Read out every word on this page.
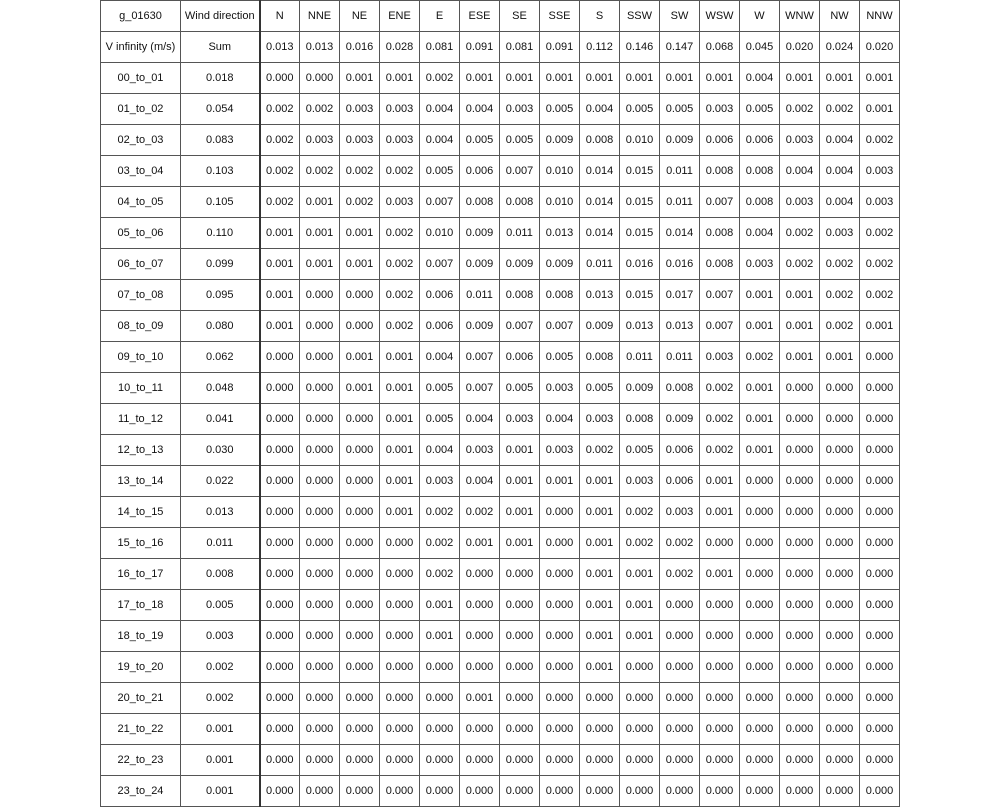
g_01630	Wind direction	N	NNE	NE	ENE	E	ESE	SE	SSE	S	SSW	SW	WSW	W	WNW	NW	NNW
V infinity (m/s)	Sum	0.013	0.013	0.016	0.028	0.081	0.091	0.081	0.091	0.112	0.146	0.147	0.068	0.045	0.020	0.024	0.020
00_to_01	0.018	0.000	0.000	0.001	0.001	0.002	0.001	0.001	0.001	0.001	0.001	0.001	0.001	0.004	0.001	0.001	0.001
01_to_02	0.054	0.002	0.002	0.003	0.003	0.004	0.004	0.003	0.005	0.004	0.005	0.005	0.003	0.005	0.002	0.002	0.001
02_to_03	0.083	0.002	0.003	0.003	0.003	0.004	0.005	0.005	0.009	0.008	0.010	0.009	0.006	0.006	0.003	0.004	0.002
03_to_04	0.103	0.002	0.002	0.002	0.002	0.005	0.006	0.007	0.010	0.014	0.015	0.011	0.008	0.008	0.004	0.004	0.003
04_to_05	0.105	0.002	0.001	0.002	0.003	0.007	0.008	0.008	0.010	0.014	0.015	0.011	0.007	0.008	0.003	0.004	0.003
05_to_06	0.110	0.001	0.001	0.001	0.002	0.010	0.009	0.011	0.013	0.014	0.015	0.014	0.008	0.004	0.002	0.003	0.002
06_to_07	0.099	0.001	0.001	0.001	0.002	0.007	0.009	0.009	0.009	0.011	0.016	0.016	0.008	0.003	0.002	0.002	0.002
07_to_08	0.095	0.001	0.000	0.000	0.002	0.006	0.011	0.008	0.008	0.013	0.015	0.017	0.007	0.001	0.001	0.002	0.002
08_to_09	0.080	0.001	0.000	0.000	0.002	0.006	0.009	0.007	0.007	0.009	0.013	0.013	0.007	0.001	0.001	0.002	0.001
09_to_10	0.062	0.000	0.000	0.001	0.001	0.004	0.007	0.006	0.005	0.008	0.011	0.011	0.003	0.002	0.001	0.001	0.000
10_to_11	0.048	0.000	0.000	0.001	0.001	0.005	0.007	0.005	0.003	0.005	0.009	0.008	0.002	0.001	0.000	0.000	0.000
11_to_12	0.041	0.000	0.000	0.000	0.001	0.005	0.004	0.003	0.004	0.003	0.008	0.009	0.002	0.001	0.000	0.000	0.000
12_to_13	0.030	0.000	0.000	0.000	0.001	0.004	0.003	0.001	0.003	0.002	0.005	0.006	0.002	0.001	0.000	0.000	0.000
13_to_14	0.022	0.000	0.000	0.000	0.001	0.003	0.004	0.001	0.001	0.001	0.003	0.006	0.001	0.000	0.000	0.000	0.000
14_to_15	0.013	0.000	0.000	0.000	0.001	0.002	0.002	0.001	0.000	0.001	0.002	0.003	0.001	0.000	0.000	0.000	0.000
15_to_16	0.011	0.000	0.000	0.000	0.000	0.002	0.001	0.001	0.000	0.001	0.002	0.002	0.000	0.000	0.000	0.000	0.000
16_to_17	0.008	0.000	0.000	0.000	0.000	0.002	0.000	0.000	0.000	0.001	0.001	0.002	0.001	0.000	0.000	0.000	0.000
17_to_18	0.005	0.000	0.000	0.000	0.000	0.001	0.000	0.000	0.000	0.001	0.001	0.000	0.000	0.000	0.000	0.000	0.000
18_to_19	0.003	0.000	0.000	0.000	0.000	0.001	0.000	0.000	0.000	0.001	0.001	0.000	0.000	0.000	0.000	0.000	0.000
19_to_20	0.002	0.000	0.000	0.000	0.000	0.000	0.000	0.000	0.000	0.001	0.000	0.000	0.000	0.000	0.000	0.000	0.000
20_to_21	0.002	0.000	0.000	0.000	0.000	0.000	0.001	0.000	0.000	0.000	0.000	0.000	0.000	0.000	0.000	0.000	0.000
21_to_22	0.001	0.000	0.000	0.000	0.000	0.000	0.000	0.000	0.000	0.000	0.000	0.000	0.000	0.000	0.000	0.000	0.000
22_to_23	0.001	0.000	0.000	0.000	0.000	0.000	0.000	0.000	0.000	0.000	0.000	0.000	0.000	0.000	0.000	0.000	0.000
23_to_24	0.001	0.000	0.000	0.000	0.000	0.000	0.000	0.000	0.000	0.000	0.000	0.000	0.000	0.000	0.000	0.000	0.000
